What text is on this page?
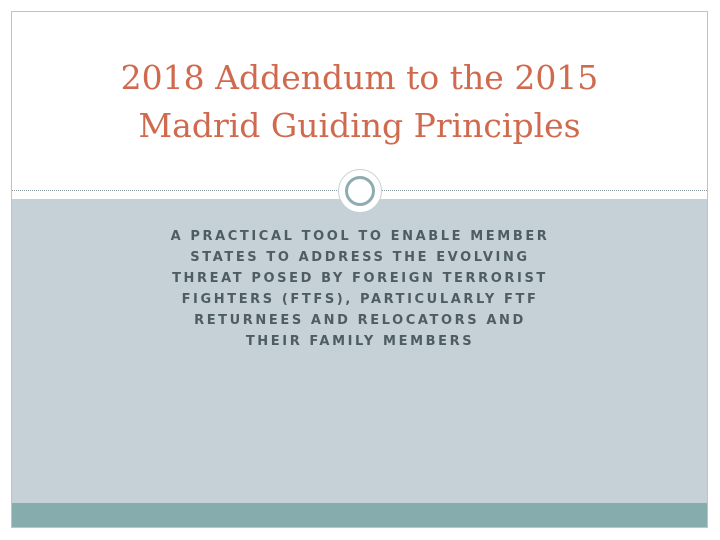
2018 Addendum to the 2015
Madrid Guiding Principles

A PRACTICAL TOOL TO ENABLE MEMBER
STATES TO ADDRESS THE EVOLVING
THREAT POSED BY FOREIGN TERRORIST
FIGHTERS (FTFS), PARTICULARLY FTF
RETURNEES AND RELOCATORS AND
THEIR FAMILY MEMBERS
